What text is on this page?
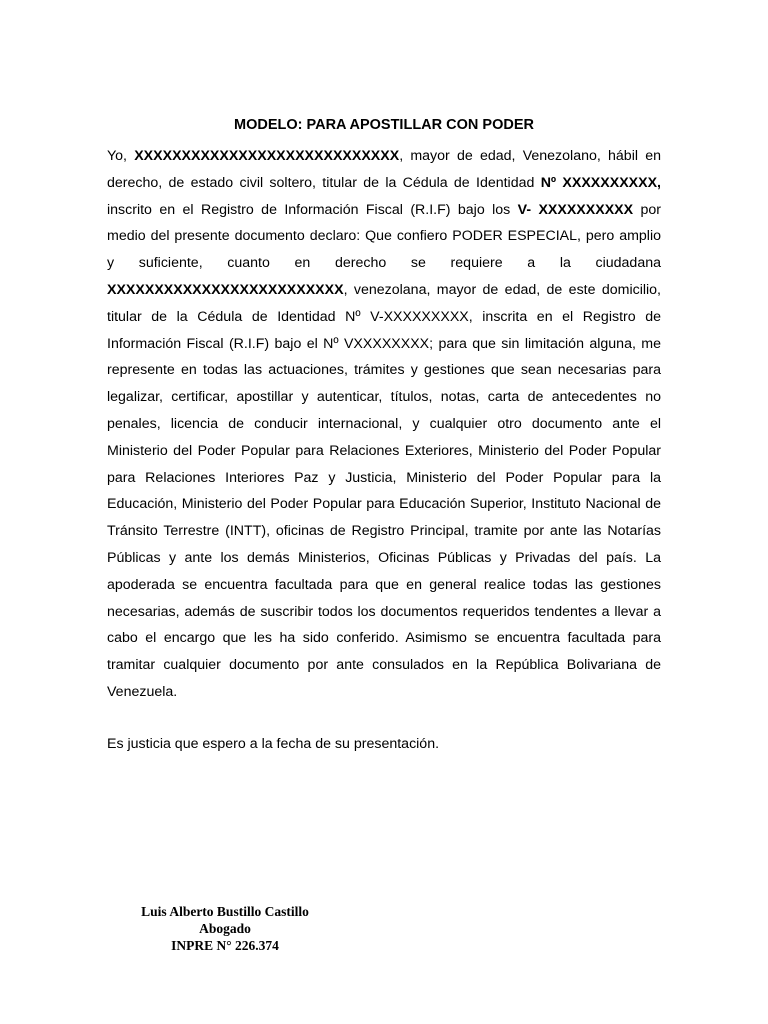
MODELO: PARA APOSTILLAR CON PODER
Yo, XXXXXXXXXXXXXXXXXXXXXXXXXXXX, mayor de edad, Venezolano, hábil en derecho, de estado civil soltero, titular de la Cédula de Identidad Nº XXXXXXXXXX, inscrito en el Registro de Información Fiscal (R.I.F) bajo los V- XXXXXXXXXX por medio del presente documento declaro: Que confiero PODER ESPECIAL, pero amplio y suficiente, cuanto en derecho se requiere a la ciudadana XXXXXXXXXXXXXXXXXXXXXXXXX, venezolana, mayor de edad, de este domicilio, titular de la Cédula de Identidad Nº V-XXXXXXXXX, inscrita en el Registro de Información Fiscal (R.I.F) bajo el Nº VXXXXXXXX; para que sin limitación alguna, me represente en todas las actuaciones, trámites y gestiones que sean necesarias para legalizar, certificar, apostillar y autenticar, títulos, notas, carta de antecedentes no penales, licencia de conducir internacional, y cualquier otro documento ante el Ministerio del Poder Popular para Relaciones Exteriores, Ministerio del Poder Popular para Relaciones Interiores Paz y Justicia, Ministerio del Poder Popular para la Educación, Ministerio del Poder Popular para Educación Superior, Instituto Nacional de Tránsito Terrestre (INTT), oficinas de Registro Principal, tramite por ante las Notarías Públicas y ante los demás Ministerios, Oficinas Públicas y Privadas del país. La apoderada se encuentra facultada para que en general realice todas las gestiones necesarias, además de suscribir todos los documentos requeridos tendentes a llevar a cabo el encargo que les ha sido conferido. Asimismo se encuentra facultada para tramitar cualquier documento por ante consulados en la República Bolivariana de Venezuela.
Es justicia que espero a la fecha de su presentación.
Luis Alberto Bustillo Castillo
Abogado
INPRE N° 226.374
